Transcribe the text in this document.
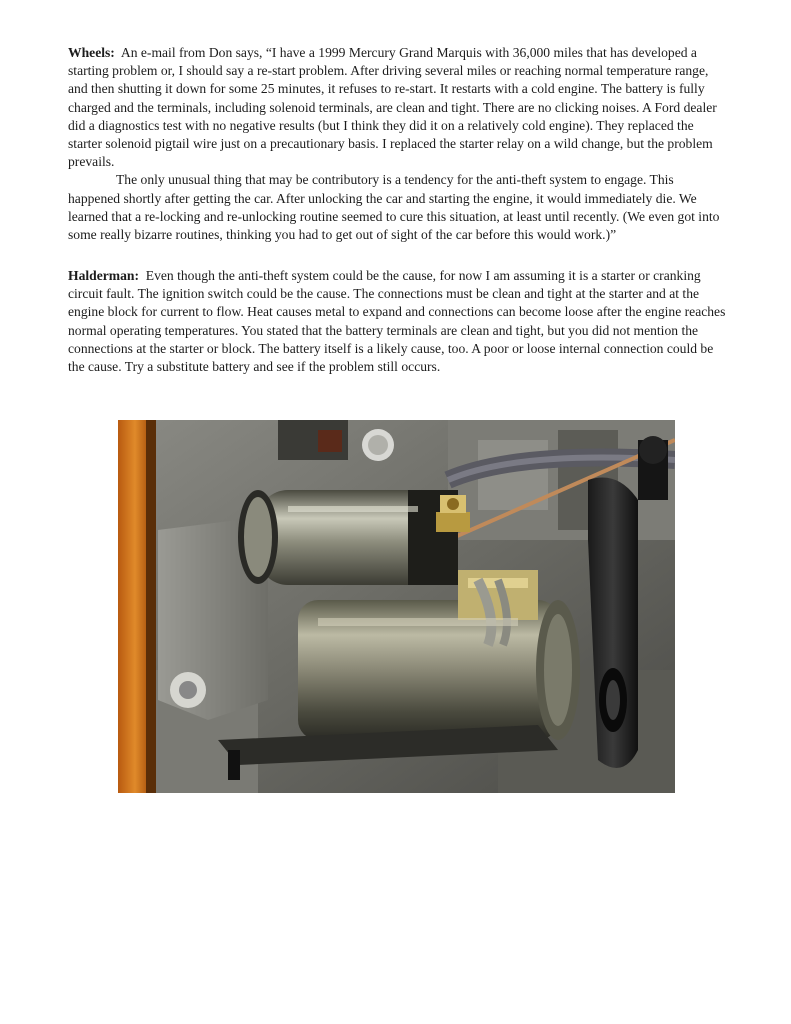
Wheels: An e-mail from Don says, “I have a 1999 Mercury Grand Marquis with 36,000 miles that has developed a starting problem or, I should say a re-start problem. After driving several miles or reaching normal temperature range, and then shutting it down for some 25 minutes, it refuses to re-start. It restarts with a cold engine. The battery is fully charged and the terminals, including solenoid terminals, are clean and tight. There are no clicking noises. A Ford dealer did a diagnostics test with no negative results (but I think they did it on a relatively cold engine). They replaced the starter solenoid pigtail wire just on a precautionary basis. I replaced the starter relay on a wild change, but the problem prevails.

The only unusual thing that may be contributory is a tendency for the anti-theft system to engage. This happened shortly after getting the car. After unlocking the car and starting the engine, it would immediately die. We learned that a re-locking and re-unlocking routine seemed to cure this situation, at least until recently. (We even got into some really bizarre routines, thinking you had to get out of sight of the car before this would work.)”

Halderman: Even though the anti-theft system could be the cause, for now I am assuming it is a starter or cranking circuit fault. The ignition switch could be the cause. The connections must be clean and tight at the starter and at the engine block for current to flow. Heat causes metal to expand and connections can become loose after the engine reaches normal operating temperatures. You stated that the battery terminals are clean and tight, but you did not mention the connections at the starter or block. The battery itself is a likely cause, too. A poor or loose internal connection could be the cause. Try a substitute battery and see if the problem still occurs.
